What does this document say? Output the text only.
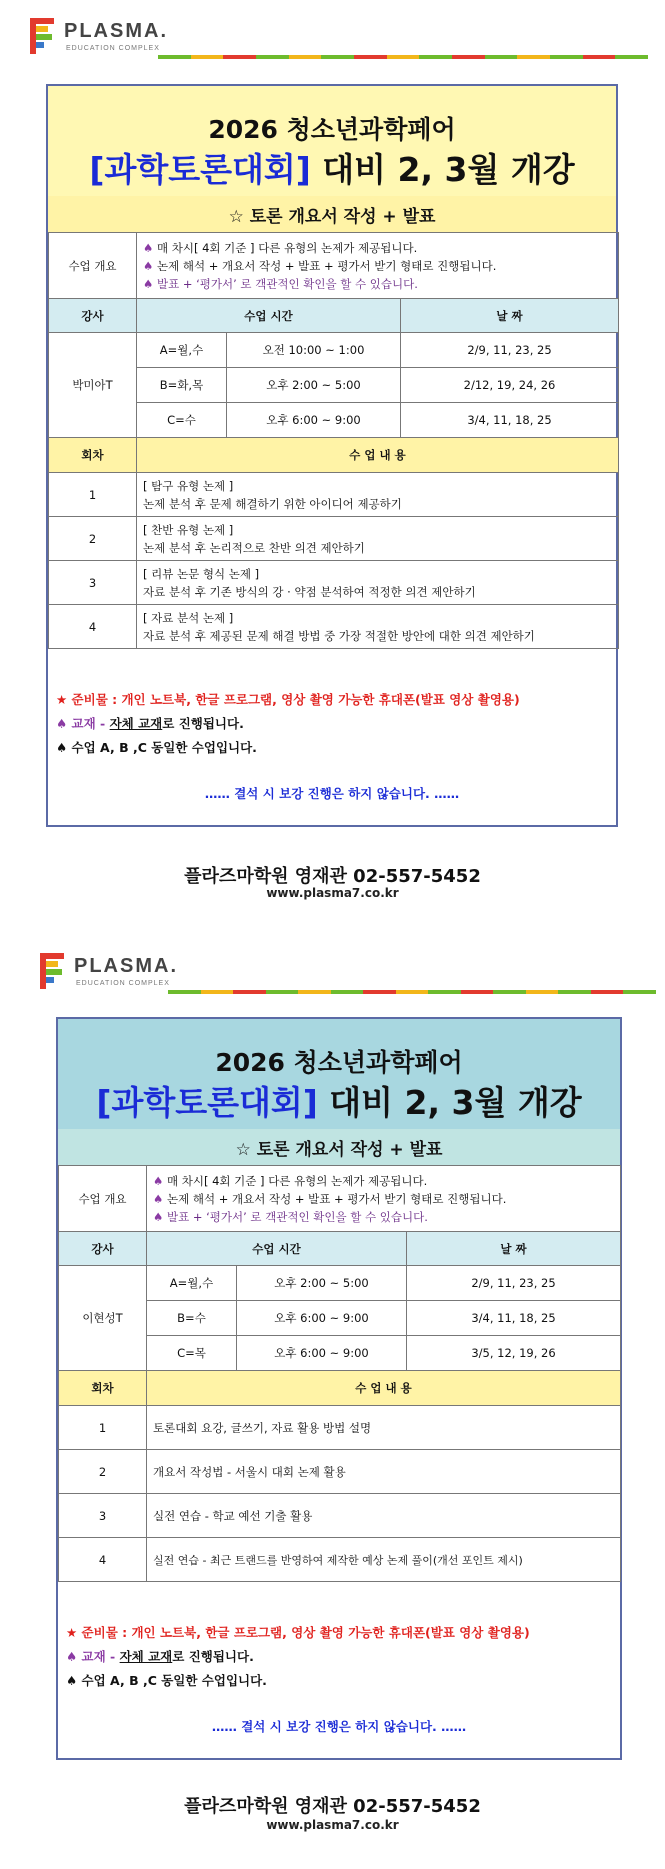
PLASMA.
EDUCATION COMPLEX
2026 청소년과학페어
[과학토론대회] 대비 2, 3월 개강
☆ 토론 개요서 작성 + 발표
수업 개요	♠ 매 차시[ 4회 기준 ] 다른 유형의 논제가 제공됩니다.
♠ 논제 해석 + 개요서 작성 + 발표 + 평가서 받기 형태로 진행됩니다.
♠ 발표 + ‘평가서’ 로 객관적인 확인을 할 수 있습니다.		

강사	수업 시간		날 짜
박미아T	A=월,수	오전 10:00 ~ 1:00	2/9, 11, 23, 25
	B=화,목	오후 2:00 ~ 5:00	2/12, 19, 24, 26
	C=수	오후 6:00 ~ 9:00	3/4, 11, 18, 25
회차	수 업 내 용		
1	[ 탐구 유형 논제 ]
논제 분석 후 문제 해결하기 위한 아이디어 제공하기		

2	[ 찬반 유형 논제 ]
논제 분석 후 논리적으로 찬반 의견 제안하기		

3	[ 리뷰 논문 형식 논제 ]
자료 분석 후 기존 방식의 강 · 약점 분석하여 적정한 의견 제안하기		

4	[ 자료 분석 논제 ]
자료 분석 후 제공된 문제 해결 방법 중 가장 적절한 방안에 대한 의견 제안하기		
★ 준비물 : 개인 노트북, 한글 프로그램, 영상 촬영 가능한 휴대폰(발표 영상 촬영용)
♠ 교재 - 자체 교재로 진행됩니다.
♠ 수업 A, B ,C 동일한 수업입니다.
…… 결석 시 보강 진행은 하지 않습니다. ……
플라즈마학원 영재관 02-557-5452
www.plasma7.co.kr
PLASMA.
EDUCATION COMPLEX
2026 청소년과학페어
[과학토론대회] 대비 2, 3월 개강
☆ 토론 개요서 작성 + 발표
수업 개요	♠ 매 차시[ 4회 기준 ] 다른 유형의 논제가 제공됩니다.
♠ 논제 해석 + 개요서 작성 + 발표 + 평가서 받기 형태로 진행됩니다.
♠ 발표 + ‘평가서’ 로 객관적인 확인을 할 수 있습니다.		

강사	수업 시간		날 짜
이현성T	A=월,수	오후 2:00 ~ 5:00	2/9, 11, 23, 25
	B=수	오후 6:00 ~ 9:00	3/4, 11, 18, 25
	C=목	오후 6:00 ~ 9:00	3/5, 12, 19, 26
회차	수 업 내 용		
1	토론대회 요강, 글쓰기, 자료 활용 방법 설명		
2	개요서 작성법 - 서울시 대회 논제 활용		
3	실전 연습 - 학교 예선 기출 활용		
4	실전 연습 - 최근 트랜드를 반영하여 제작한 예상 논제 풀이(개선 포인트 제시)		
★ 준비물 : 개인 노트북, 한글 프로그램, 영상 촬영 가능한 휴대폰(발표 영상 촬영용)
♠ 교재 - 자체 교재로 진행됩니다.
♠ 수업 A, B ,C 동일한 수업입니다.
…… 결석 시 보강 진행은 하지 않습니다. ……
플라즈마학원 영재관 02-557-5452
www.plasma7.co.kr
